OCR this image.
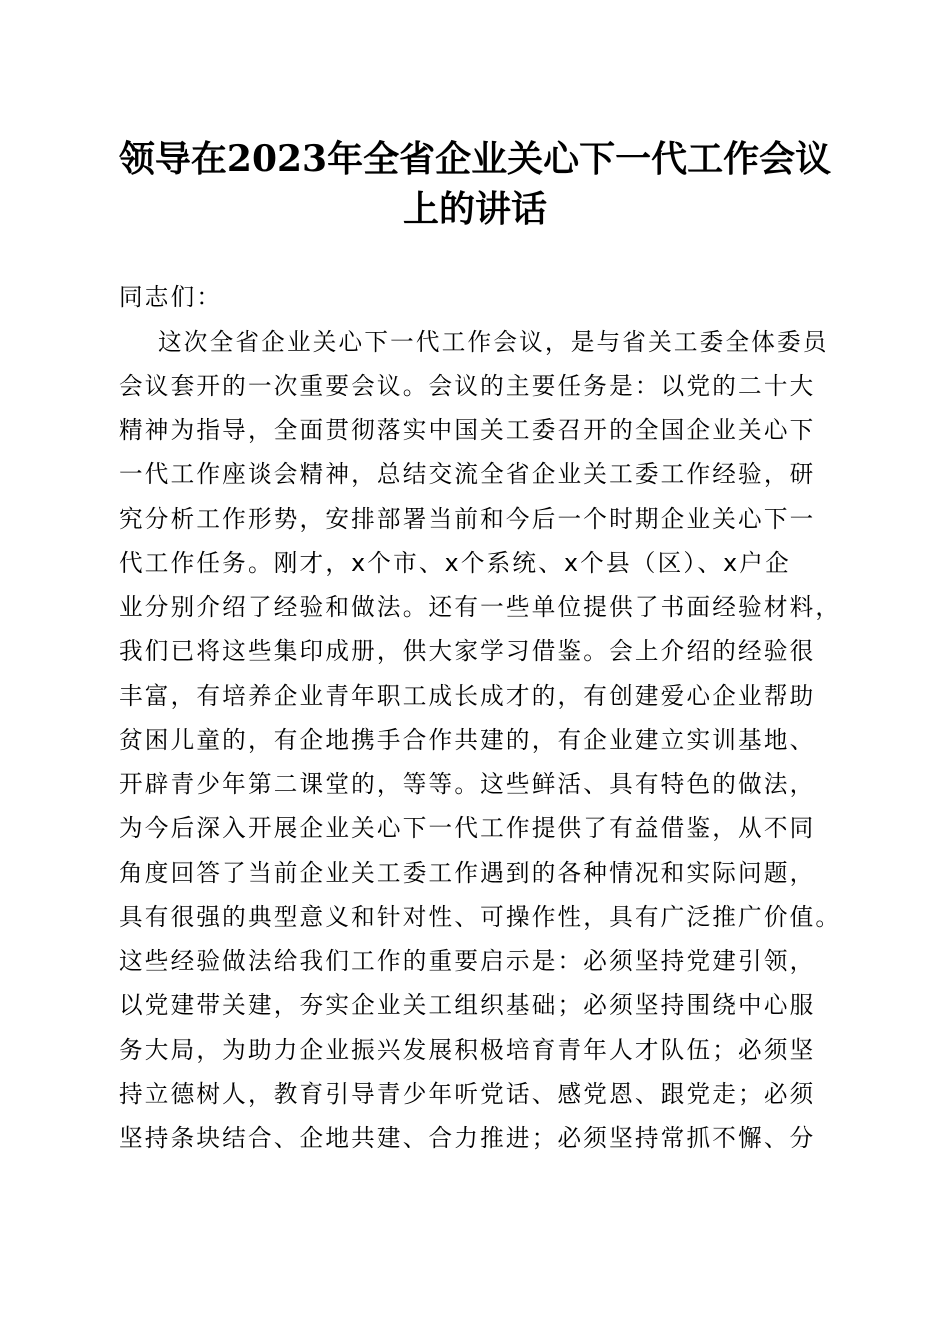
领导在2023年全省企业关心下一代工作会议
上的讲话
同志们：
这次全省企业关心下一代工作会议，是与省关工委全体委员
会议套开的一次重要会议。会议的主要任务是：以党的二十大
精神为指导，全面贯彻落实中国关工委召开的全国企业关心下
一代工作座谈会精神，总结交流全省企业关工委工作经验，研
究分析工作形势，安排部署当前和今后一个时期企业关心下一
代工作任务。刚才，x个市、x个系统、x个县（区）、x户企
业分别介绍了经验和做法。还有一些单位提供了书面经验材料，
我们已将这些集印成册，供大家学习借鉴。会上介绍的经验很
丰富，有培养企业青年职工成长成才的，有创建爱心企业帮助
贫困儿童的，有企地携手合作共建的，有企业建立实训基地、
开辟青少年第二课堂的，等等。这些鲜活、具有特色的做法，
为今后深入开展企业关心下一代工作提供了有益借鉴，从不同
角度回答了当前企业关工委工作遇到的各种情况和实际问题，
具有很强的典型意义和针对性、可操作性，具有广泛推广价值。
这些经验做法给我们工作的重要启示是：必须坚持党建引领，
以党建带关建，夯实企业关工组织基础；必须坚持围绕中心服
务大局，为助力企业振兴发展积极培育青年人才队伍；必须坚
持立德树人，教育引导青少年听党话、感党恩、跟党走；必须
坚持条块结合、企地共建、合力推进；必须坚持常抓不懈、分
